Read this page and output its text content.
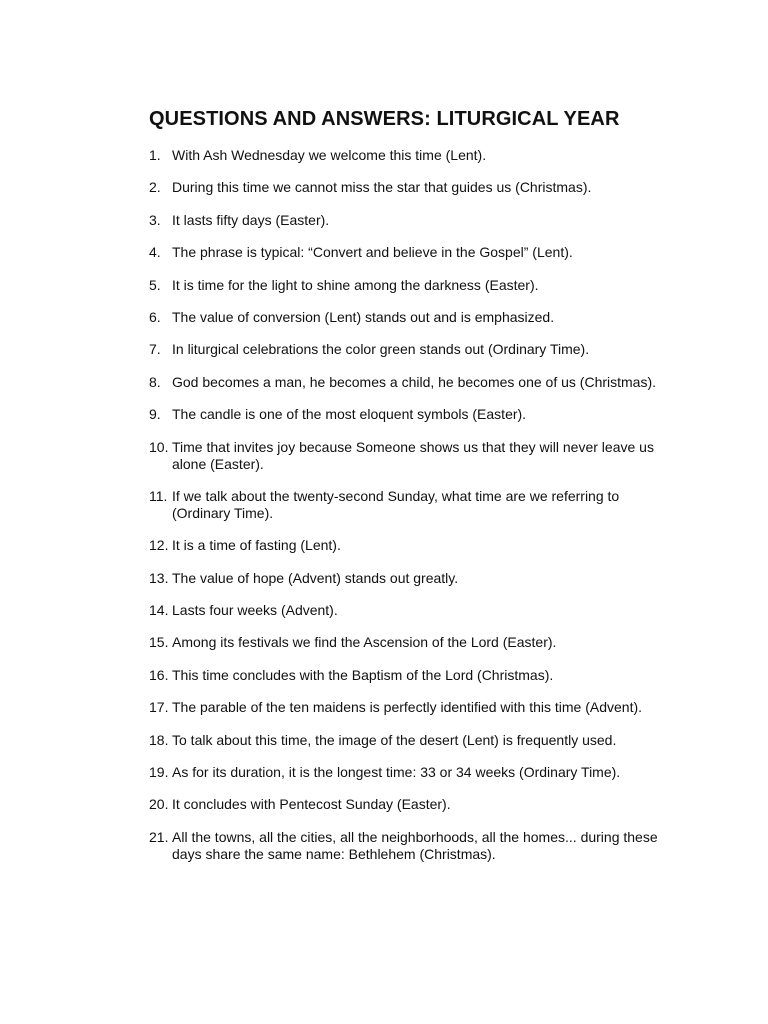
QUESTIONS AND ANSWERS: LITURGICAL YEAR
1. With Ash Wednesday we welcome this time (Lent).
2. During this time we cannot miss the star that guides us (Christmas).
3. It lasts fifty days (Easter).
4. The phrase is typical: “Convert and believe in the Gospel” (Lent).
5. It is time for the light to shine among the darkness (Easter).
6. The value of conversion (Lent) stands out and is emphasized.
7. In liturgical celebrations the color green stands out (Ordinary Time).
8. God becomes a man, he becomes a child, he becomes one of us (Christmas).
9. The candle is one of the most eloquent symbols (Easter).
10. Time that invites joy because Someone shows us that they will never leave us alone (Easter).
11. If we talk about the twenty-second Sunday, what time are we referring to (Ordinary Time).
12. It is a time of fasting (Lent).
13. The value of hope (Advent) stands out greatly.
14. Lasts four weeks (Advent).
15. Among its festivals we find the Ascension of the Lord (Easter).
16. This time concludes with the Baptism of the Lord (Christmas).
17. The parable of the ten maidens is perfectly identified with this time (Advent).
18. To talk about this time, the image of the desert (Lent) is frequently used.
19. As for its duration, it is the longest time: 33 or 34 weeks (Ordinary Time).
20. It concludes with Pentecost Sunday (Easter).
21. All the towns, all the cities, all the neighborhoods, all the homes... during these days share the same name: Bethlehem (Christmas).
